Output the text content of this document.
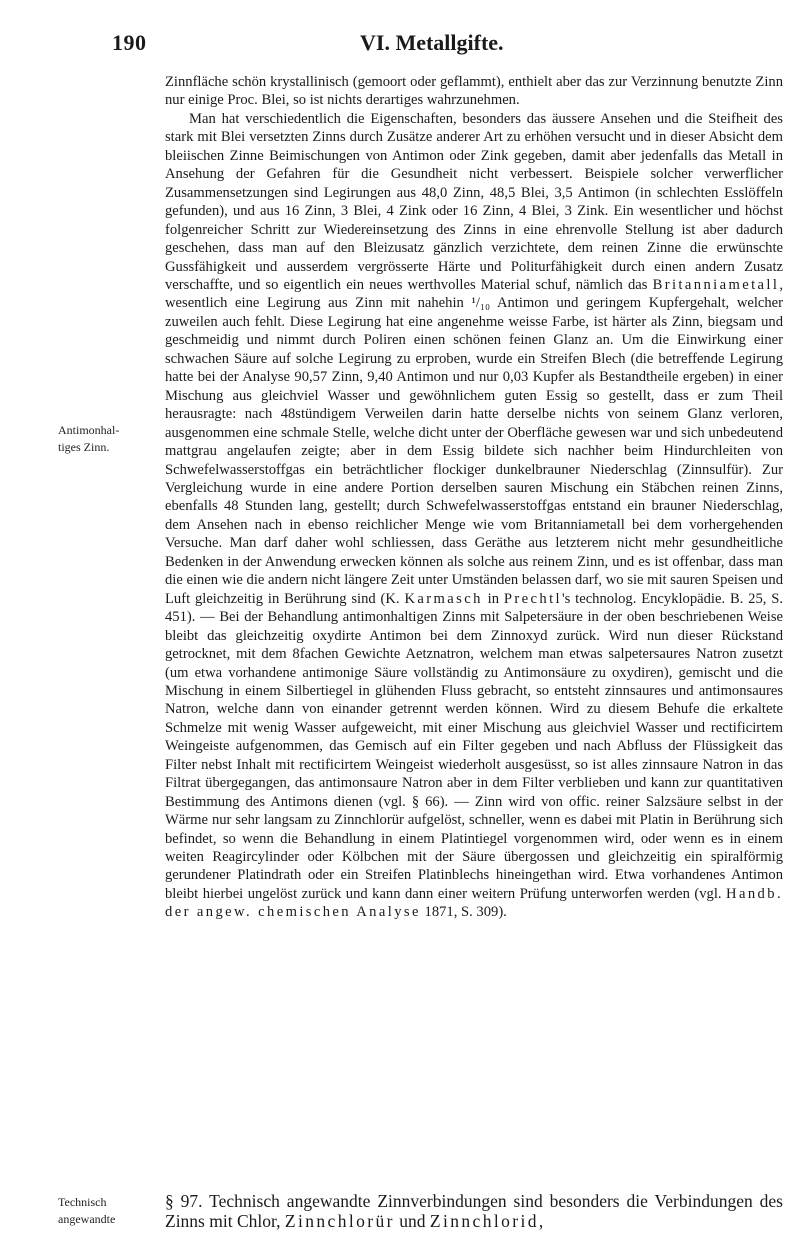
190	VI. Metallgifte.
Antimonhal-
tiges Zinn.
Technisch
angewandte

Zinnfläche schön krystallinisch (gemoort oder geflammt), enthielt aber das zur Verzinnung benutzte Zinn nur einige Proc. Blei, so ist nichts derartiges wahrzunehmen.

Man hat verschiedentlich die Eigenschaften, besonders das äussere Ansehen und die Steifheit des stark mit Blei versetzten Zinns durch Zusätze anderer Art zu erhöhen versucht und in dieser Absicht dem bleiischen Zinne Beimischungen von Antimon oder Zink gegeben, damit aber jedenfalls das Metall in Ansehung der Gefahren für die Gesundheit nicht verbessert. Beispiele solcher verwerflicher Zusammensetzungen sind Legirungen aus 48,0 Zinn, 48,5 Blei, 3,5 Antimon (in schlechten Esslöffeln gefunden), und aus 16 Zinn, 3 Blei, 4 Zink oder 16 Zinn, 4 Blei, 3 Zink. Ein wesentlicher und höchst folgenreicher Schritt zur Wiedereinsetzung des Zinns in eine ehrenvolle Stellung ist aber dadurch geschehen, dass man auf den Bleizusatz gänzlich verzichtete, dem reinen Zinne die erwünschte Gussfähigkeit und ausserdem vergrösserte Härte und Politurfähigkeit durch einen andern Zusatz verschaffte, und so eigentlich ein neues werthvolles Material schuf, nämlich das Britanniametall, wesentlich eine Legirung aus Zinn mit nahehin ¹/₁₀ Antimon und geringem Kupfergehalt, welcher zuweilen auch fehlt. Diese Legirung hat eine angenehme weisse Farbe, ist härter als Zinn, biegsam und geschmeidig und nimmt durch Poliren einen schönen feinen Glanz an. Um die Einwirkung einer schwachen Säure auf solche Legirung zu erproben, wurde ein Streifen Blech (die betreffende Legirung hatte bei der Analyse 90,57 Zinn, 9,40 Antimon und nur 0,03 Kupfer als Bestandtheile ergeben) in einer Mischung aus gleichviel Wasser und gewöhnlichem guten Essig so gestellt, dass er zum Theil herausragte: nach 48stündigem Verweilen darin hatte derselbe nichts von seinem Glanz verloren, ausgenommen eine schmale Stelle, welche dicht unter der Oberfläche gewesen war und sich unbedeutend mattgrau angelaufen zeigte; aber in dem Essig bildete sich nachher beim Hindurchleiten von Schwefelwasserstoffgas ein beträchtlicher flockiger dunkelbrauner Niederschlag (Zinnsulfür). Zur Vergleichung wurde in eine andere Portion derselben sauren Mischung ein Stäbchen reinen Zinns, ebenfalls 48 Stunden lang, gestellt; durch Schwefelwasserstoffgas entstand ein brauner Niederschlag, dem Ansehen nach in ebenso reichlicher Menge wie vom Britanniametall bei dem vorhergehenden Versuche. Man darf daher wohl schliessen, dass Geräthe aus letzterem nicht mehr gesundheitliche Bedenken in der Anwendung erwecken können als solche aus reinem Zinn, und es ist offenbar, dass man die einen wie die andern nicht längere Zeit unter Umständen belassen darf, wo sie mit sauren Speisen und Luft gleichzeitig in Berührung sind (K. Karmasch in Prechtl's technolog. Encyklopädie. B. 25, S. 451). — Bei der Behandlung antimonhaltigen Zinns mit Salpetersäure in der oben beschriebenen Weise bleibt das gleichzeitig oxydirte Antimon bei dem Zinnoxyd zurück. Wird nun dieser Rückstand getrocknet, mit dem 8fachen Gewichte Aetznatron, welchem man etwas salpetersaures Natron zusetzt (um etwa vorhandene antimonige Säure vollständig zu Antimonsäure zu oxydiren), gemischt und die Mischung in einem Silbertiegel in glühenden Fluss gebracht, so entsteht zinnsaures und antimonsaures Natron, welche dann von einander getrennt werden können. Wird zu diesem Behufe die erkaltete Schmelze mit wenig Wasser aufgeweicht, mit einer Mischung aus gleichviel Wasser und rectificirtem Weingeiste aufgenommen, das Gemisch auf ein Filter gegeben und nach Abfluss der Flüssigkeit das Filter nebst Inhalt mit rectificirtem Weingeist wiederholt ausgesüsst, so ist alles zinnsaure Natron in das Filtrat übergegangen, das antimonsaure Natron aber in dem Filter verblieben und kann zur quantitativen Bestimmung des Antimons dienen (vgl. § 66). — Zinn wird von offic. reiner Salzsäure selbst in der Wärme nur sehr langsam zu Zinnchlorür aufgelöst, schneller, wenn es dabei mit Platin in Berührung sich befindet, so wenn die Behandlung in einem Platintiegel vorgenommen wird, oder wenn es in einem weiten Reagircylinder oder Kölbchen mit der Säure übergossen und gleichzeitig ein spiralförmig gerundener Platindrath oder ein Streifen Platinblechs hineingethan wird. Etwa vorhandenes Antimon bleibt hierbei ungelöst zurück und kann dann einer weitern Prüfung unterworfen werden (vgl. Handb. der angew. chemischen Analyse 1871, S. 309).

§ 97. Technisch angewandte Zinnverbindungen sind besonders die Verbindungen des Zinns mit Chlor, Zinnchlorür und Zinnchlorid,
